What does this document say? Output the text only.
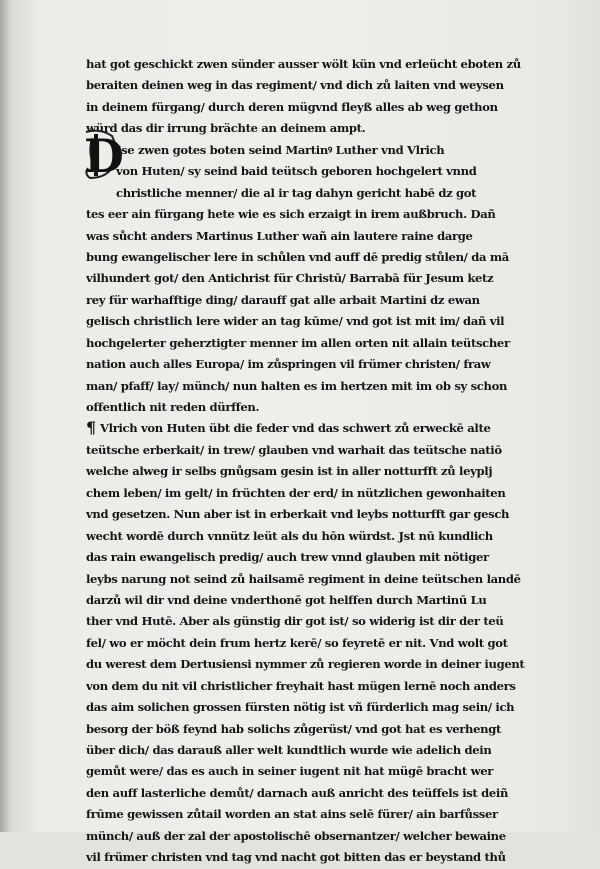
D
hat got geschickt zwen sünder ausser wölt kün vnd erleücht eboten zů
beraiten deinen weg in das regiment/ vnd dich zů laiten vnd weysen
in deinem fürgang/ durch deren mügvnd fleyß alles ab weg gethon
würd das dir irrung brächte an deinem ampt.
Ise zwen gotes boten seind Martinꝰ Luther vnd Vlrich
von Huten/ sy seind baid teütsch geboren hochgelert vnnd
christliche menner/ die al ir tag dahyn gericht habē dz got
tes eer ain fürgang hete wie es sich erzaigt in irem außbruch. Dañ
was sůcht anders Martinus Luther wañ ain lautere raine darge
bung ewangelischer lere in schůlen vnd auff dē predig stůlen/ da mā
vilhundert got/ den Antichrist für Christū/ Barrabā für Jesum ketz
rey für warhafftige ding/ darauff gat alle arbait Martini dz ewan
gelisch christlich lere wider an tag kūme/ vnd got ist mit im/ dañ vil
hochgelerter geherztigter menner im allen orten nit allain teütscher
nation auch alles Europa/ im zůspringen vil frümer christen/ fraw
man/ pfaff/ lay/ münch/ nun halten es im hertzen mit im ob sy schon
offentlich nit reden dürffen.
¶ Vlrich von Huten übt die feder vnd das schwert zů erweckē alte
teütsche erberkait/ in trew/ glauben vnd warhait das teütsche natiō
welche alweg ir selbs gnůgsam gesin ist in aller notturfft zů leyplj
chem leben/ im gelt/ in früchten der erd/ in nützlichen gewonhaiten
vnd gesetzen. Nun aber ist in erberkait vnd leybs notturfft gar gesch
wecht wordē durch vnnütz leüt als du hōn würdst. Jst nū kundlich
das rain ewangelisch predig/ auch trew vnnd glauben mit nötiger
leybs narung not seind zů hailsamē regiment in deine teütschen landē
darzů wil dir vnd deine vnderthonē got helffen durch Martinū Lu
ther vnd Hutē. Aber als günstig dir got ist/ so widerig ist dir der teü
fel/ wo er möcht dein frum hertz kerē/ so feyretē er nit. Vnd wolt got
du werest dem Dertusiensi nymmer zů regieren worde in deiner iugent
von dem du nit vil christlicher freyhait hast mügen lernē noch anders
das aim solichen grossen fürsten nötig ist vñ fürderlich mag sein/ ich
besorg der böß feynd hab solichs zůgerüst/ vnd got hat es verhengt
über dich/ das darauß aller welt kundtlich wurde wie adelich dein
gemůt were/ das es auch in seiner iugent nit hat mügē bracht wer
den auff lasterliche demůt/ darnach auß anricht des teüffels ist deiñ
frūme gewissen zůtail worden an stat ains selē fürer/ ain barfůsser
münch/ auß der zal der apostolischē obsernantzer/ welcher bewaine
vil frümer christen vnd tag vnd nacht got bitten das er beystand thů
